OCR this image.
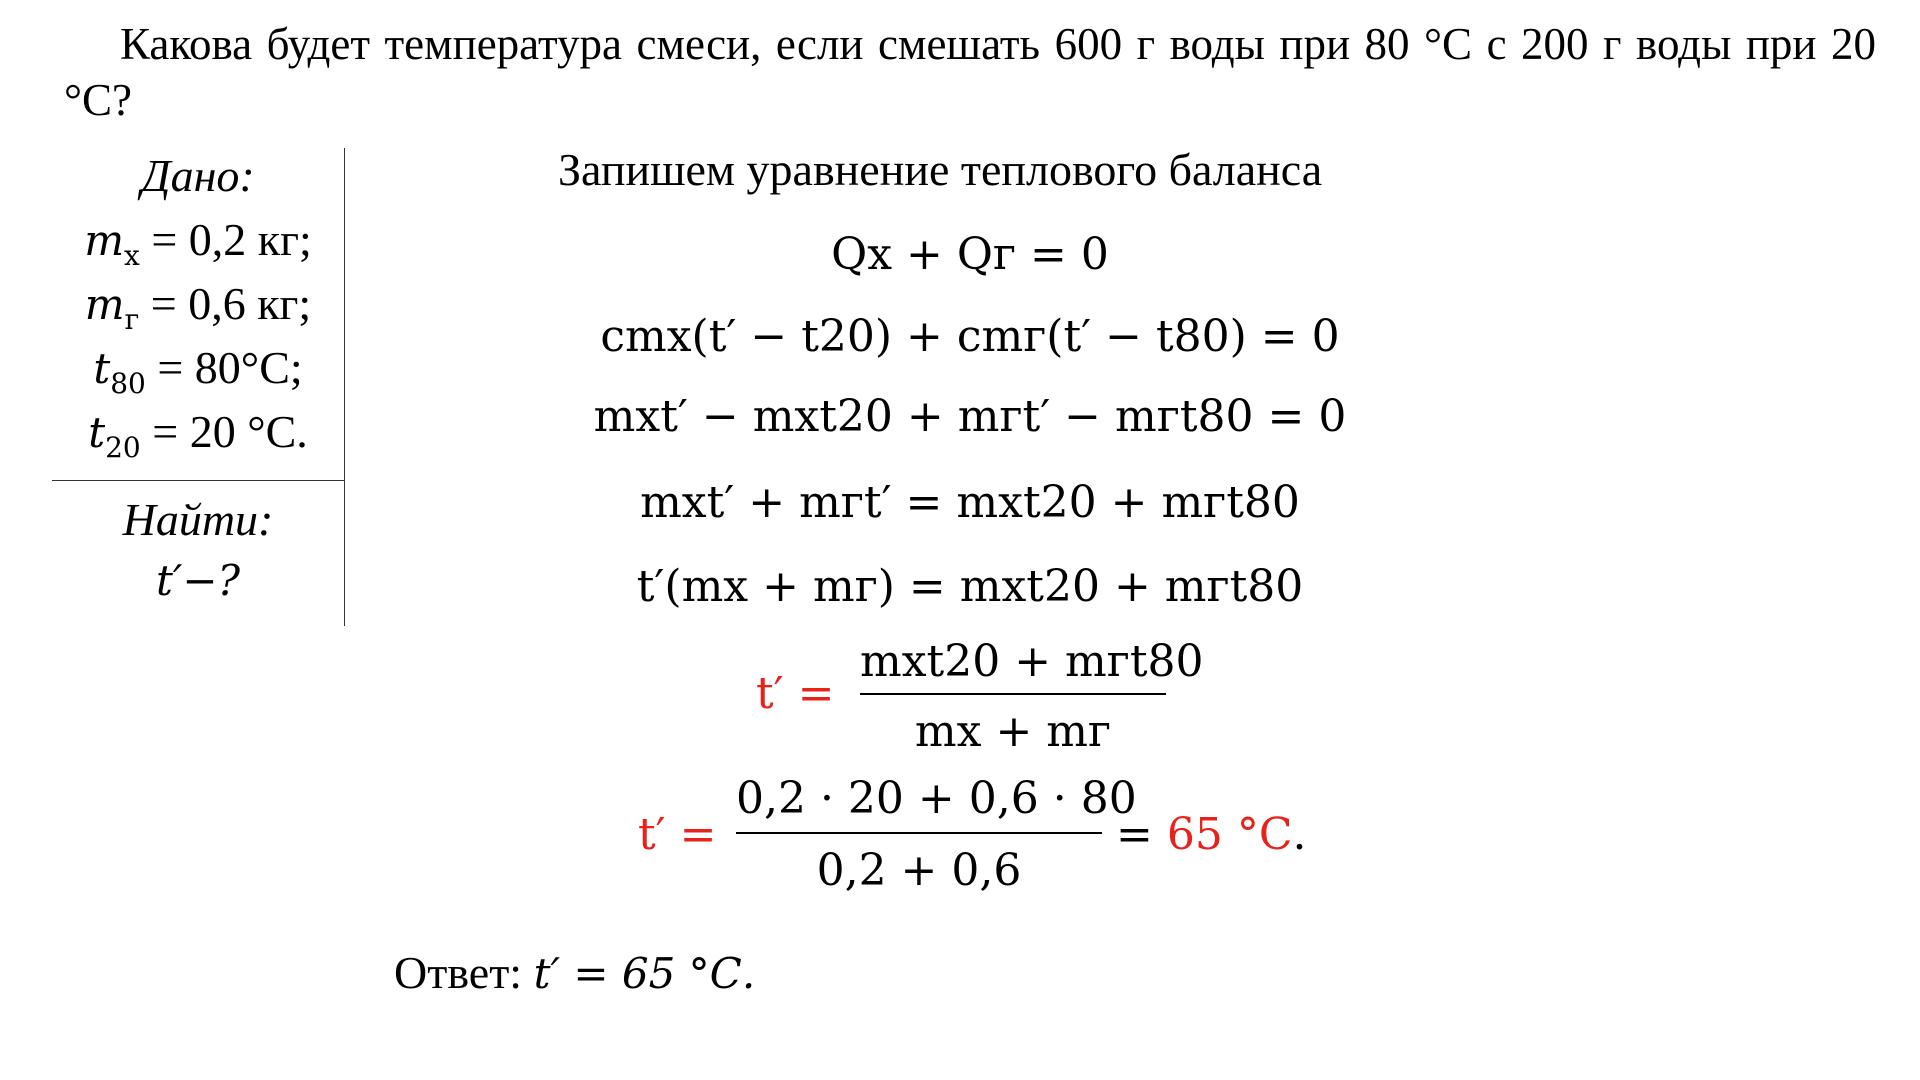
Какова будет температура смеси, если смешать 600 г воды при 80 °С с 200 г воды при 20 °С?
Дано:
$m_х = 0,2$ кг;
$m_г = 0,6$ кг;
$t_{80} = 80^\circ С$;
$t_{20} = 20$ °С.
Найти:
t′−?
Запишем уравнение теплового баланса
Qх + Qг = 0
cmх(t′ − t20) + cmг(t′ − t80) = 0
mхt′ − mхt20 + mгt′ − mгt80 = 0
mхt′ + mгt′ = mхt20 + mгt80
t′(mх + mг) = mхt20 + mгt80
t′ =
mхt20 + mгt80
mх + mг
t′ =
0,2 · 20 + 0,6 · 80
0,2 + 0,6
= 65 °С.
Ответ: t′ = 65 °С.
